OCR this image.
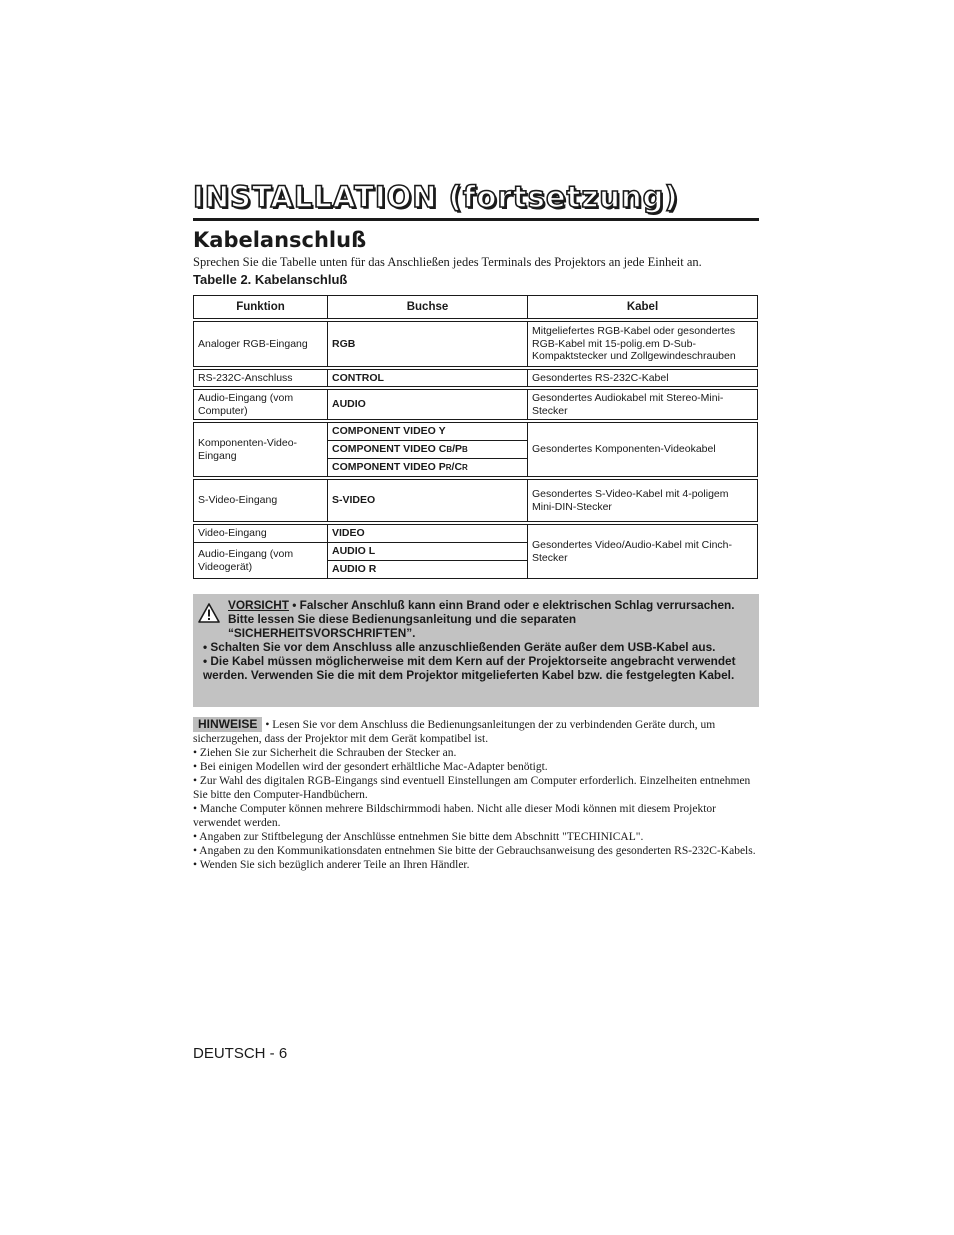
INSTALLATION (fortsetzung)
Kabelanschluß

Sprechen Sie die Tabelle unten für das Anschließen jedes Terminals des Projektors an jede Einheit an.

Tabelle 2. Kabelanschluß

Funktion	Buchse	Kabel

Analoger RGB-Eingang	RGB	Mitgeliefertes RGB-Kabel oder gesondertes RGB-Kabel mit 15-polig.em D-Sub-Kompaktstecker und Zollgewindeschrauben

RS-232C-Anschluss	CONTROL	Gesondertes RS-232C-Kabel

Audio-Eingang (vom Computer)	AUDIO	Gesondertes Audiokabel mit Stereo-Mini-Stecker

Komponenten-Video-Eingang	COMPONENT VIDEO Y	Gesondertes Komponenten-Videokabel
	COMPONENT VIDEO CB/PB	
	COMPONENT VIDEO PR/CR	

S-Video-Eingang	S-VIDEO	Gesondertes S-Video-Kabel mit 4-poligem Mini-DIN-Stecker

Video-Eingang	VIDEO	Gesondertes Video/Audio-Kabel mit Cinch-Stecker
Audio-Eingang (vom Videogerät)	AUDIO L	
	AUDIO R	

VORSICHT • Falscher Anschluß kann einn Brand oder e elektrischen Schlag verrursachen. Bitte lessen Sie diese Bedienungsanleitung und die separaten “SICHERHEITSVORSCHRIFTEN”.

• Schalten Sie vor dem Anschluss alle anzuschließenden Geräte außer dem USB-Kabel aus.

• Die Kabel müssen möglicherweise mit dem Kern auf der Projektorseite angebracht verwendet werden. Verwenden Sie die mit dem Projektor mitgelieferten Kabel bzw. die festgelegten Kabel.

HINWEISE • Lesen Sie vor dem Anschluss die Bedienungsanleitungen der zu verbindenden Geräte durch, um sicherzugehen, dass der Projektor mit dem Gerät kompatibel ist.

• Ziehen Sie zur Sicherheit die Schrauben der Stecker an.

• Bei einigen Modellen wird der gesondert erhältliche Mac-Adapter benötigt.

• Zur Wahl des digitalen RGB-Eingangs sind eventuell Einstellungen am Computer erforderlich. Einzelheiten entnehmen Sie bitte den Computer-Handbüchern.

• Manche Computer können mehrere Bildschirmmodi haben. Nicht alle dieser Modi können mit diesem Projektor verwendet werden.

• Angaben zur Stiftbelegung der Anschlüsse entnehmen Sie bitte dem Abschnitt "TECHINICAL".

• Angaben zu den Kommunikationsdaten entnehmen Sie bitte der Gebrauchsanweisung des gesonderten RS-232C-Kabels.

• Wenden Sie sich bezüglich anderer Teile an Ihren Händler.

DEUTSCH - 6
